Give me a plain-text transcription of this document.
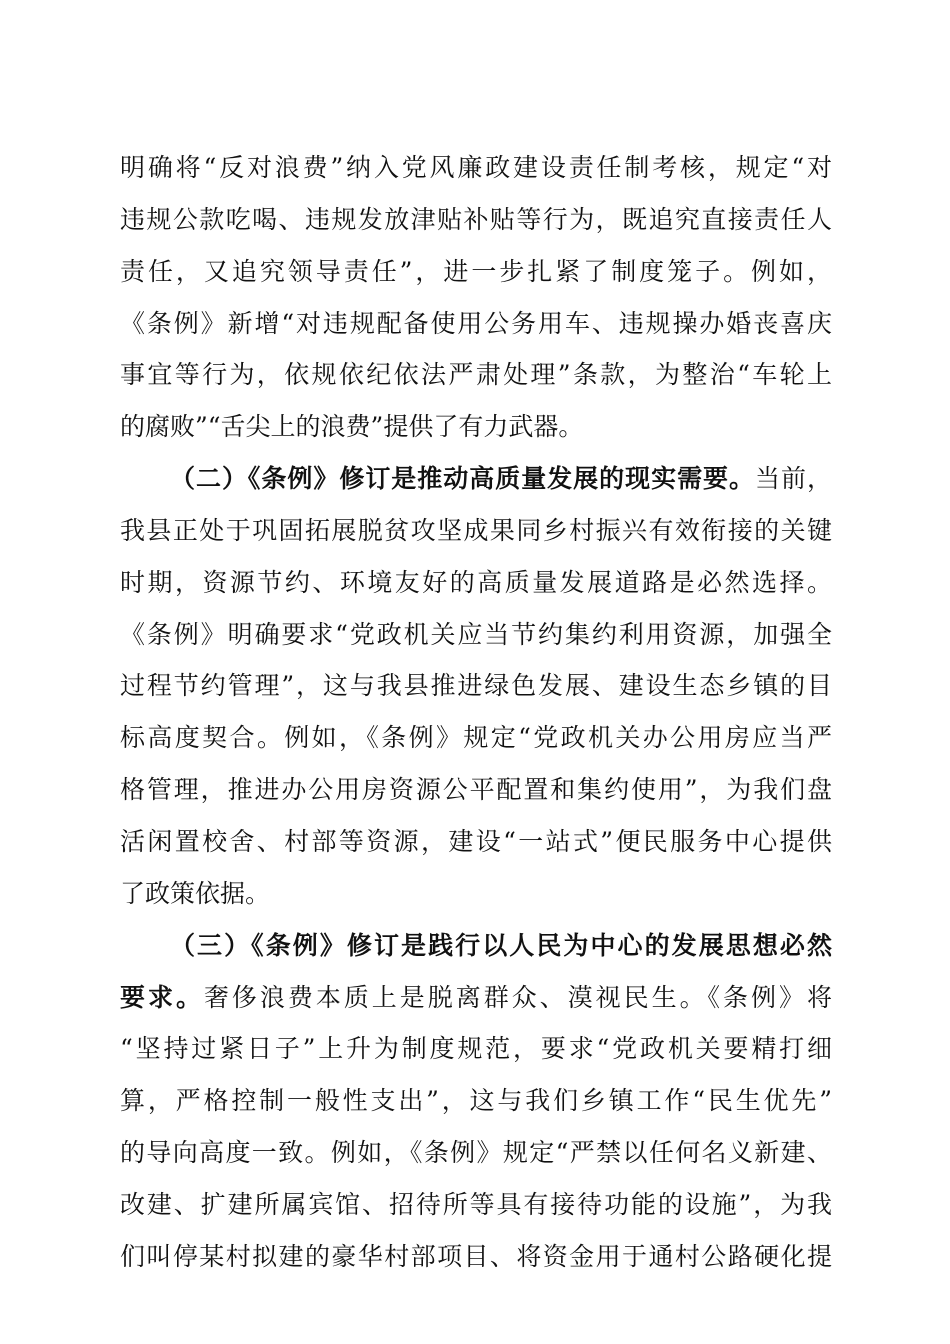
明确将“反对浪费”纳入党风廉政建设责任制考核，规定“对
违规公款吃喝、违规发放津贴补贴等行为，既追究直接责任人
责任，又追究领导责任”，进一步扎紧了制度笼子。例如，
《条例》新增“对违规配备使用公务用车、违规操办婚丧喜庆
事宜等行为，依规依纪依法严肃处理”条款，为整治“车轮上
的腐败”“舌尖上的浪费”提供了有力武器。
（二）《条例》修订是推动高质量发展的现实需要。当前，
我县正处于巩固拓展脱贫攻坚成果同乡村振兴有效衔接的关键
时期，资源节约、环境友好的高质量发展道路是必然选择。
《条例》明确要求“党政机关应当节约集约利用资源，加强全
过程节约管理”，这与我县推进绿色发展、建设生态乡镇的目
标高度契合。例如，《条例》规定“党政机关办公用房应当严
格管理，推进办公用房资源公平配置和集约使用”，为我们盘
活闲置校舍、村部等资源，建设“一站式”便民服务中心提供
了政策依据。
（三）《条例》修订是践行以人民为中心的发展思想必然
要求。奢侈浪费本质上是脱离群众、漠视民生。《条例》将
“坚持过紧日子”上升为制度规范，要求“党政机关要精打细
算，严格控制一般性支出”，这与我们乡镇工作“民生优先”
的导向高度一致。例如，《条例》规定“严禁以任何名义新建、
改建、扩建所属宾馆、招待所等具有接待功能的设施”，为我
们叫停某村拟建的豪华村部项目、将资金用于通村公路硬化提
